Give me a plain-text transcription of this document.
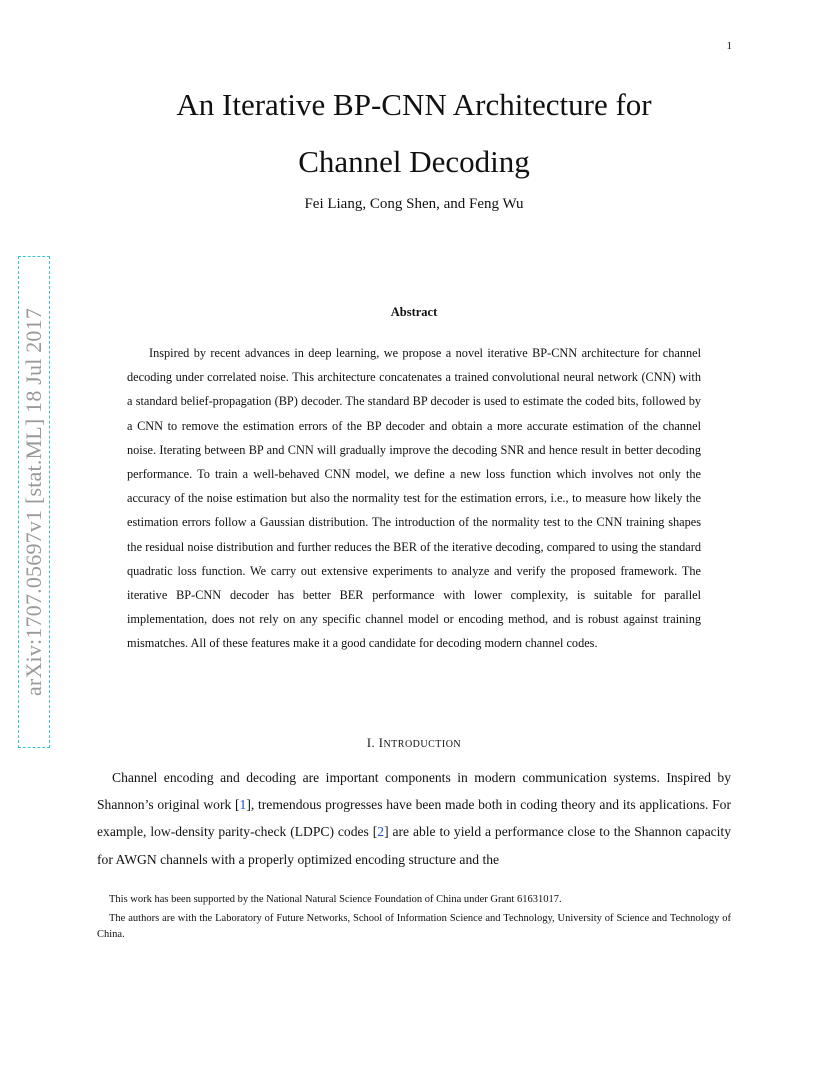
1
arXiv:1707.05697v1 [stat.ML] 18 Jul 2017
An Iterative BP-CNN Architecture for
Channel Decoding
Fei Liang, Cong Shen, and Feng Wu
Abstract

Inspired by recent advances in deep learning, we propose a novel iterative BP-CNN architecture for channel decoding under correlated noise. This architecture concatenates a trained convolutional neural network (CNN) with a standard belief-propagation (BP) decoder. The standard BP decoder is used to estimate the coded bits, followed by a CNN to remove the estimation errors of the BP decoder and obtain a more accurate estimation of the channel noise. Iterating between BP and CNN will gradually improve the decoding SNR and hence result in better decoding performance. To train a well-behaved CNN model, we define a new loss function which involves not only the accuracy of the noise estimation but also the normality test for the estimation errors, i.e., to measure how likely the estimation errors follow a Gaussian distribution. The introduction of the normality test to the CNN training shapes the residual noise distribution and further reduces the BER of the iterative decoding, compared to using the standard quadratic loss function. We carry out extensive experiments to analyze and verify the proposed framework. The iterative BP-CNN decoder has better BER performance with lower complexity, is suitable for parallel implementation, does not rely on any specific channel model or encoding method, and is robust against training mismatches. All of these features make it a good candidate for decoding modern channel codes.

I. INTRODUCTION

Channel encoding and decoding are important components in modern communication systems. Inspired by Shannon’s original work [1], tremendous progresses have been made both in coding theory and its applications. For example, low-density parity-check (LDPC) codes [2] are able to yield a performance close to the Shannon capacity for AWGN channels with a properly optimized encoding structure and the

This work has been supported by the National Natural Science Foundation of China under Grant 61631017.

The authors are with the Laboratory of Future Networks, School of Information Science and Technology, University of Science and Technology of China.
